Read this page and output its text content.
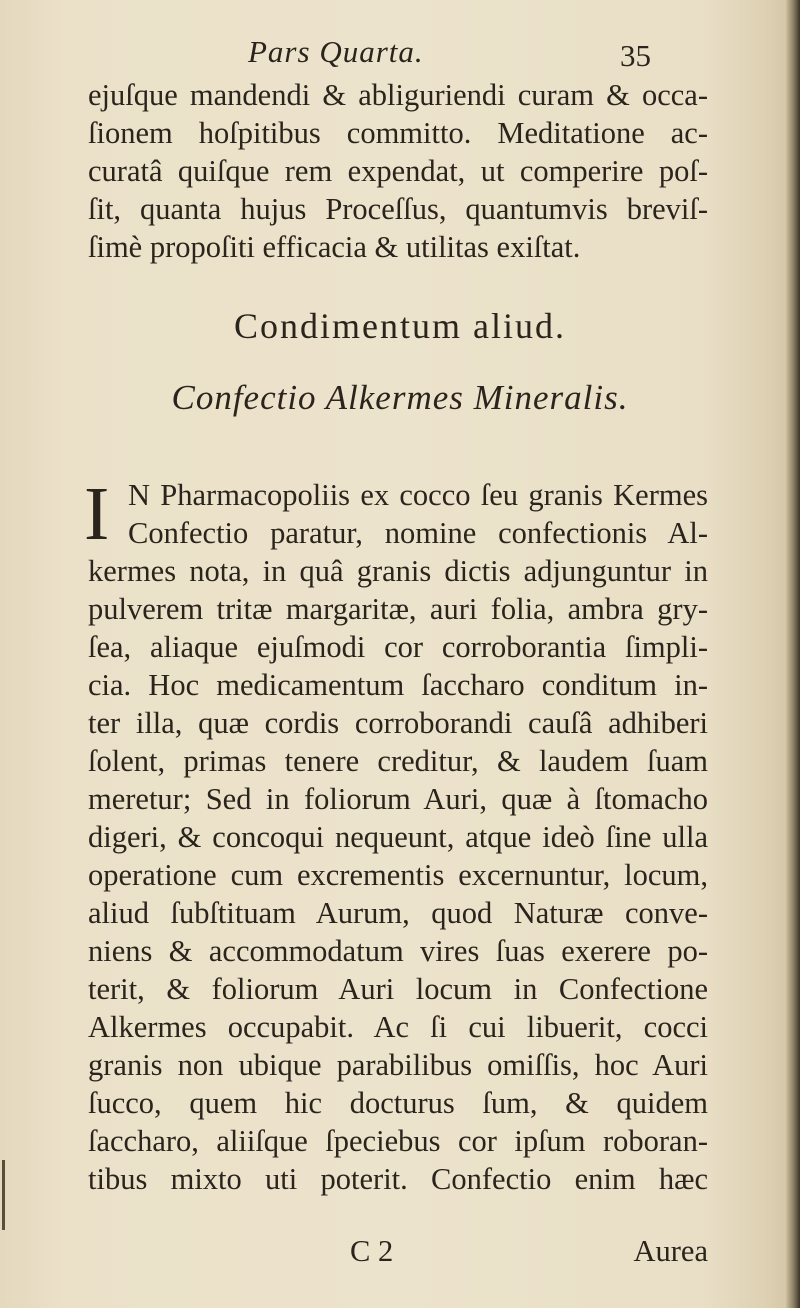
Pars Quarta.	35
ejuſque mandendi & abliguriendi curam & occa-
ſionem hoſpitibus committo. Meditatione ac-
curatâ quiſque rem expendat, ut comperire poſ-
ſit, quanta hujus Proceſſus, quantumvis breviſ-
ſimè propoſiti efficacia & utilitas exiſtat.
Condimentum aliud.
Confectio Alkermes Mineralis.
I N Pharmacopoliis ex cocco ſeu granis Kermes
Confectio paratur, nomine confectionis Al-
kermes nota, in quâ granis dictis adjunguntur in
pulverem tritæ margaritæ, auri folia, ambra gry-
ſea, aliaque ejuſmodi cor corroborantia ſimpli-
cia. Hoc medicamentum ſaccharo conditum in-
ter illa, quæ cordis corroborandi cauſâ adhiberi
ſolent, primas tenere creditur, & laudem ſuam
meretur; Sed in foliorum Auri, quæ à ſtomacho
digeri, & concoqui nequeunt, atque ideò ſine ulla
operatione cum excrementis excernuntur, locum,
aliud ſubſtituam Aurum, quod Naturæ conve-
niens & accommodatum vires ſuas exerere po-
terit, & foliorum Auri locum in Confectione
Alkermes occupabit. Ac ſi cui libuerit, cocci
granis non ubique parabilibus omiſſis, hoc Auri
ſucco, quem hic docturus ſum, & quidem
ſaccharo, aliiſque ſpeciebus cor ipſum roboran-
tibus mixto uti poterit. Confectio enim hæc
C 2	Aurea
